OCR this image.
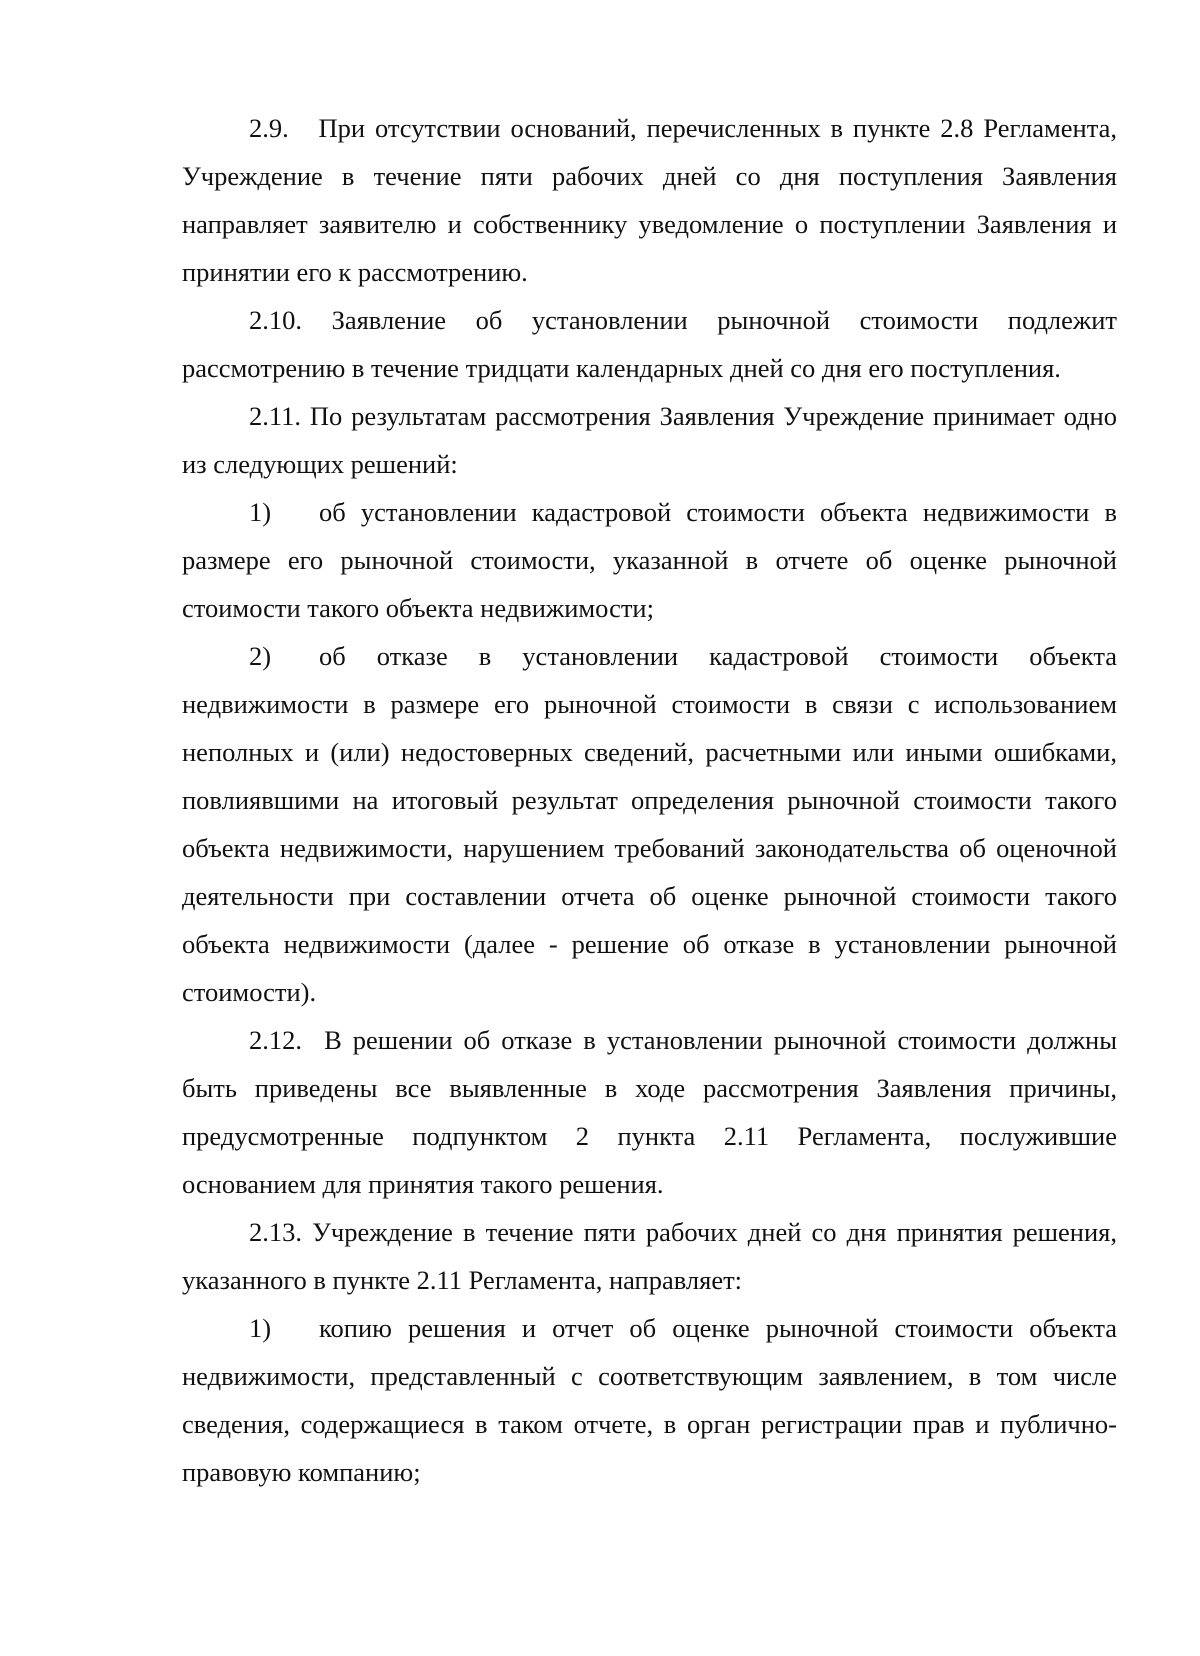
2.9. При отсутствии оснований, перечисленных в пункте 2.8 Регламента, Учреждение в течение пяти рабочих дней со дня поступления Заявления направляет заявителю и собственнику уведомление о поступлении Заявления и принятии его к рассмотрению.

2.10. Заявление об установлении рыночной стоимости подлежит рассмотрению в течение тридцати календарных дней со дня его поступления.

2.11. По результатам рассмотрения Заявления Учреждение принимает одно из следующих решений:

1) об установлении кадастровой стоимости объекта недвижимости в размере его рыночной стоимости, указанной в отчете об оценке рыночной стоимости такого объекта недвижимости;

2) об отказе в установлении кадастровой стоимости объекта недвижимости в размере его рыночной стоимости в связи с использованием неполных и (или) недостоверных сведений, расчетными или иными ошибками, повлиявшими на итоговый результат определения рыночной стоимости такого объекта недвижимости, нарушением требований законодательства об оценочной деятельности при составлении отчета об оценке рыночной стоимости такого объекта недвижимости (далее - решение об отказе в установлении рыночной стоимости).

2.12. В решении об отказе в установлении рыночной стоимости должны быть приведены все выявленные в ходе рассмотрения Заявления причины, предусмотренные подпунктом 2 пункта 2.11 Регламента, послужившие основанием для принятия такого решения.

2.13. Учреждение в течение пяти рабочих дней со дня принятия решения, указанного в пункте 2.11 Регламента, направляет:

1) копию решения и отчет об оценке рыночной стоимости объекта недвижимости, представленный с соответствующим заявлением, в том числе сведения, содержащиеся в таком отчете, в орган регистрации прав и публично-правовую компанию;
